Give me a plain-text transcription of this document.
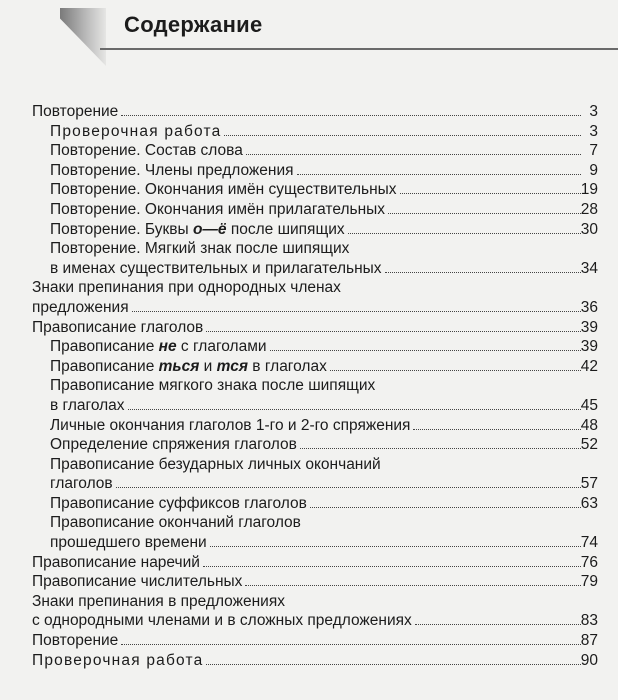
Содержание
Повторение	3
Проверочная работа	3
Повторение. Состав слова	7
Повторение. Члены предложения	9
Повторение. Окончания имён существительных	19
Повторение. Окончания имён прилагательных	28
Повторение. Буквы о—ё после шипящих	30
Повторение. Мягкий знак после шипящих
в именах существительных и прилагательных	34
Знаки препинания при однородных членах
предложения	36
Правописание глаголов	39
Правописание не с глаголами	39
Правописание ться и тся в глаголах	42
Правописание мягкого знака после шипящих
в глаголах	45
Личные окончания глаголов 1-го и 2-го спряжения	48
Определение спряжения глаголов	52
Правописание безударных личных окончаний
глаголов	57
Правописание суффиксов глаголов	63
Правописание окончаний глаголов
прошедшего времени	74
Правописание наречий	76
Правописание числительных	79
Знаки препинания в предложениях
с однородными членами и в сложных предложениях	83
Повторение	87
Проверочная работа	90
